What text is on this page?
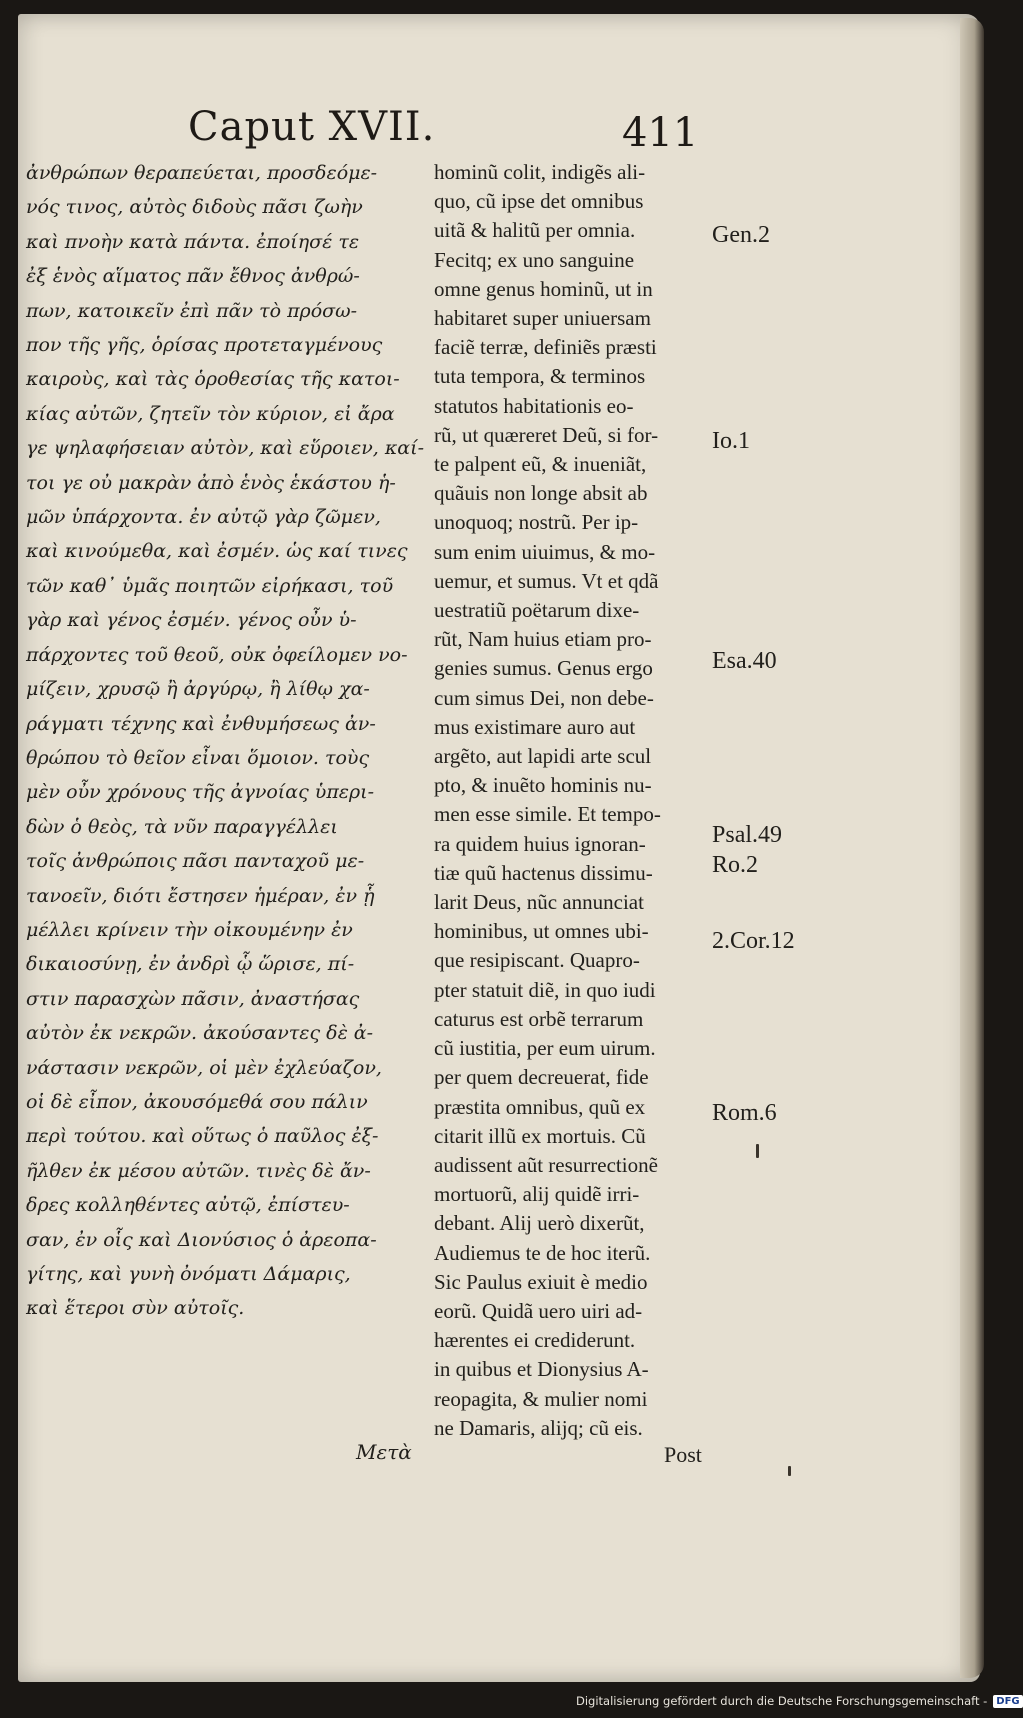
Caput XVII.	411
ἀνθρώπων θεραπεύεται, προσδεόμε-
νός τινος, αὐτὸς διδοὺς πᾶσι ζωὴν
καὶ πνοὴν κατὰ πάντα. ἐποίησέ τε
ἐξ ἑνὸς αἵματος πᾶν ἔθνος ἀνθρώ-
πων, κατοικεῖν ἐπὶ πᾶν τὸ πρόσω-
πον τῆς γῆς, ὁρίσας προτεταγμένους
καιροὺς, καὶ τὰς ὁροθεσίας τῆς κατοι-
κίας αὐτῶν, ζητεῖν τὸν κύριον, εἰ ἄρα
γε ψηλαφήσειαν αὐτὸν, καὶ εὕροιεν, καί-
τοι γε οὐ μακρὰν ἀπὸ ἑνὸς ἑκάστου ἡ-
μῶν ὑπάρχοντα. ἐν αὐτῷ γὰρ ζῶμεν,
καὶ κινούμεθα, καὶ ἐσμέν. ὡς καί τινες
τῶν καθ᾽ ὑμᾶς ποιητῶν εἰρήκασι, τοῦ
γὰρ καὶ γένος ἐσμέν. γένος οὖν ὑ-
πάρχοντες τοῦ θεοῦ, οὐκ ὀφείλομεν νο-
μίζειν, χρυσῷ ἢ ἀργύρῳ, ἢ λίθῳ χα-
ράγματι τέχνης καὶ ἐνθυμήσεως ἀν-
θρώπου τὸ θεῖον εἶναι ὅμοιον. τοὺς
μὲν οὖν χρόνους τῆς ἀγνοίας ὑπερι-
δὼν ὁ θεὸς, τὰ νῦν παραγγέλλει
τοῖς ἀνθρώποις πᾶσι πανταχοῦ με-
τανοεῖν, διότι ἔστησεν ἡμέραν, ἐν ᾗ
μέλλει κρίνειν τὴν οἰκουμένην ἐν
δικαιοσύνῃ, ἐν ἀνδρὶ ᾧ ὥρισε, πί-
στιν παρασχὼν πᾶσιν, ἀναστήσας
αὐτὸν ἐκ νεκρῶν. ἀκούσαντες δὲ ἀ-
νάστασιν νεκρῶν, οἱ μὲν ἐχλεύαζον,
οἱ δὲ εἶπον, ἀκουσόμεθά σου πάλιν
περὶ τούτου. καὶ οὕτως ὁ παῦλος ἐξ-
ῆλθεν ἐκ μέσου αὐτῶν. τινὲς δὲ ἄν-
δρες κολληθέντες αὐτῷ, ἐπίστευ-
σαν, ἐν οἷς καὶ Διονύσιος ὁ ἀρεοπα-
γίτης, καὶ γυνὴ ὀνόματι Δάμαρις,
καὶ ἕτεροι σὺν αὐτοῖς.
hominũ colit, indigẽs ali-
quo, cũ ipse det omnibus
uitã & halitũ per omnia.
Fecitq; ex uno sanguine
omne genus hominũ, ut in
habitaret super uniuersam
faciẽ terræ, definiẽs præsti
tuta tempora, & terminos
statutos habitationis eo-
rũ, ut quæreret Deũ, si for-
te palpent eũ, & inueniãt,
quãuis non longe absit ab
unoquoq; nostrũ. Per ip-
sum enim uiuimus, & mo-
uemur, et sumus. Vt et qdã
uestratiũ poëtarum dixe-
rũt, Nam huius etiam pro-
genies sumus. Genus ergo
cum simus Dei, non debe-
mus existimare auro aut
argẽto, aut lapidi arte scul
pto, & inuẽto hominis nu-
men esse simile. Et tempo-
ra quidem huius ignoran-
tiæ quũ hactenus dissimu-
larit Deus, nũc annunciat
hominibus, ut omnes ubi-
que resipiscant. Quapro-
pter statuit diẽ, in quo iudi
caturus est orbẽ terrarum
cũ iustitia, per eum uirum.
per quem decreuerat, fide
præstita omnibus, quũ ex
citarit illũ ex mortuis. Cũ
audissent aũt resurrectionẽ
mortuorũ, alij quidẽ irri-
debant. Alij uerò dixerũt,
Audiemus te de hoc iterũ.
Sic Paulus exiuit è medio
eorũ. Quidã uero uiri ad-
hærentes ei crediderunt.
in quibus et Dionysius A-
reopagita, & mulier nomi
ne Damaris, alijq; cũ eis.
Gen.2
Io.1
Esa.40
Psal.49
Ro.2
2.Cor.12
Rom.6
Μετὰ	Post
Digitalisierung gefördert durch die Deutsche Forschungsgemeinschaft - DFG
